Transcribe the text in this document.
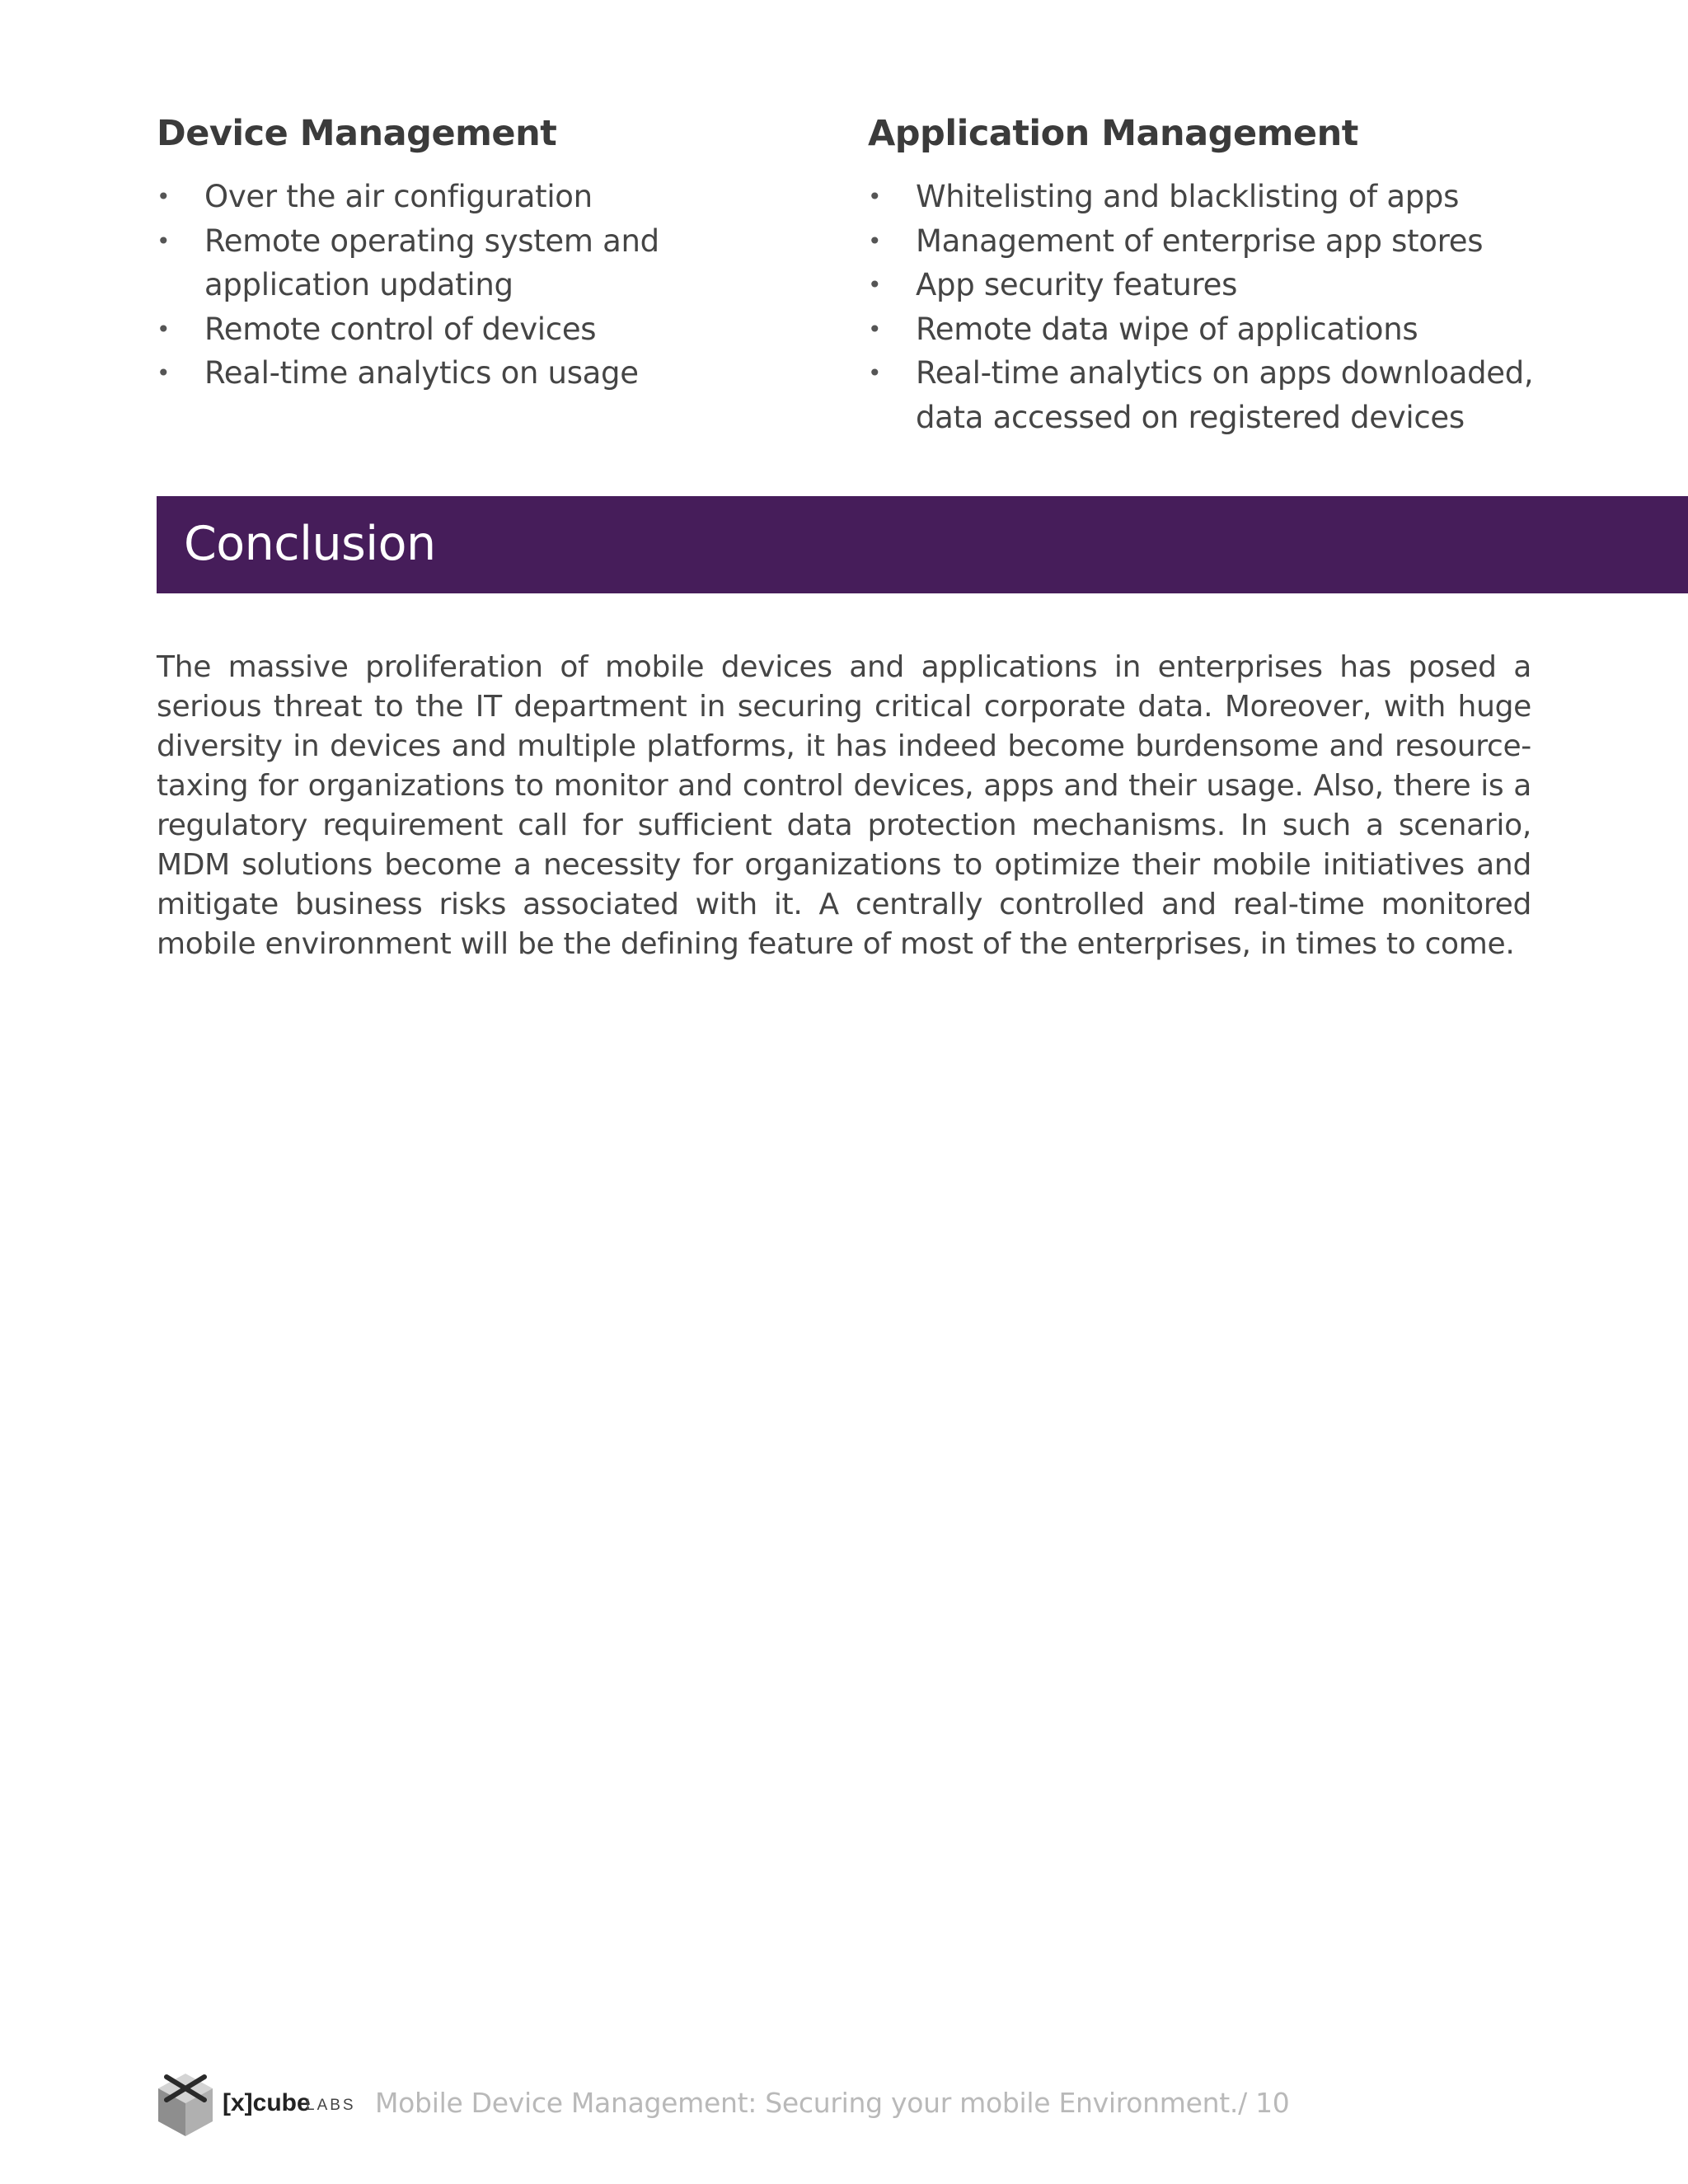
Device Management
• Over the air configuration
• Remote operating system and application updating
• Remote control of devices
• Real-time analytics on usage
Application Management
• Whitelisting and blacklisting of apps
• Management of enterprise app stores
• App security features
• Remote data wipe of applications
• Real-time analytics on apps downloaded, data accessed on registered devices
Conclusion

The massive proliferation of mobile devices and applications in enterprises has posed a serious threat to the IT department in securing critical corporate data. Moreover, with huge diversity in devices and multiple platforms, it has indeed become burdensome and resource-taxing for organizations to monitor and control devices, apps and their usage. Also, there is a regulatory requirement call for sufficient data protection mechanisms. In such a scenario, MDM solutions become a necessity for organizations to optimize their mobile initiatives and mitigate business risks associated with it. A centrally controlled and real-time monitored mobile environment will be the defining feature of most of the enterprises, in times to come.

[x]cube
LABS Mobile Device Management: Securing your mobile Environment./ 10
